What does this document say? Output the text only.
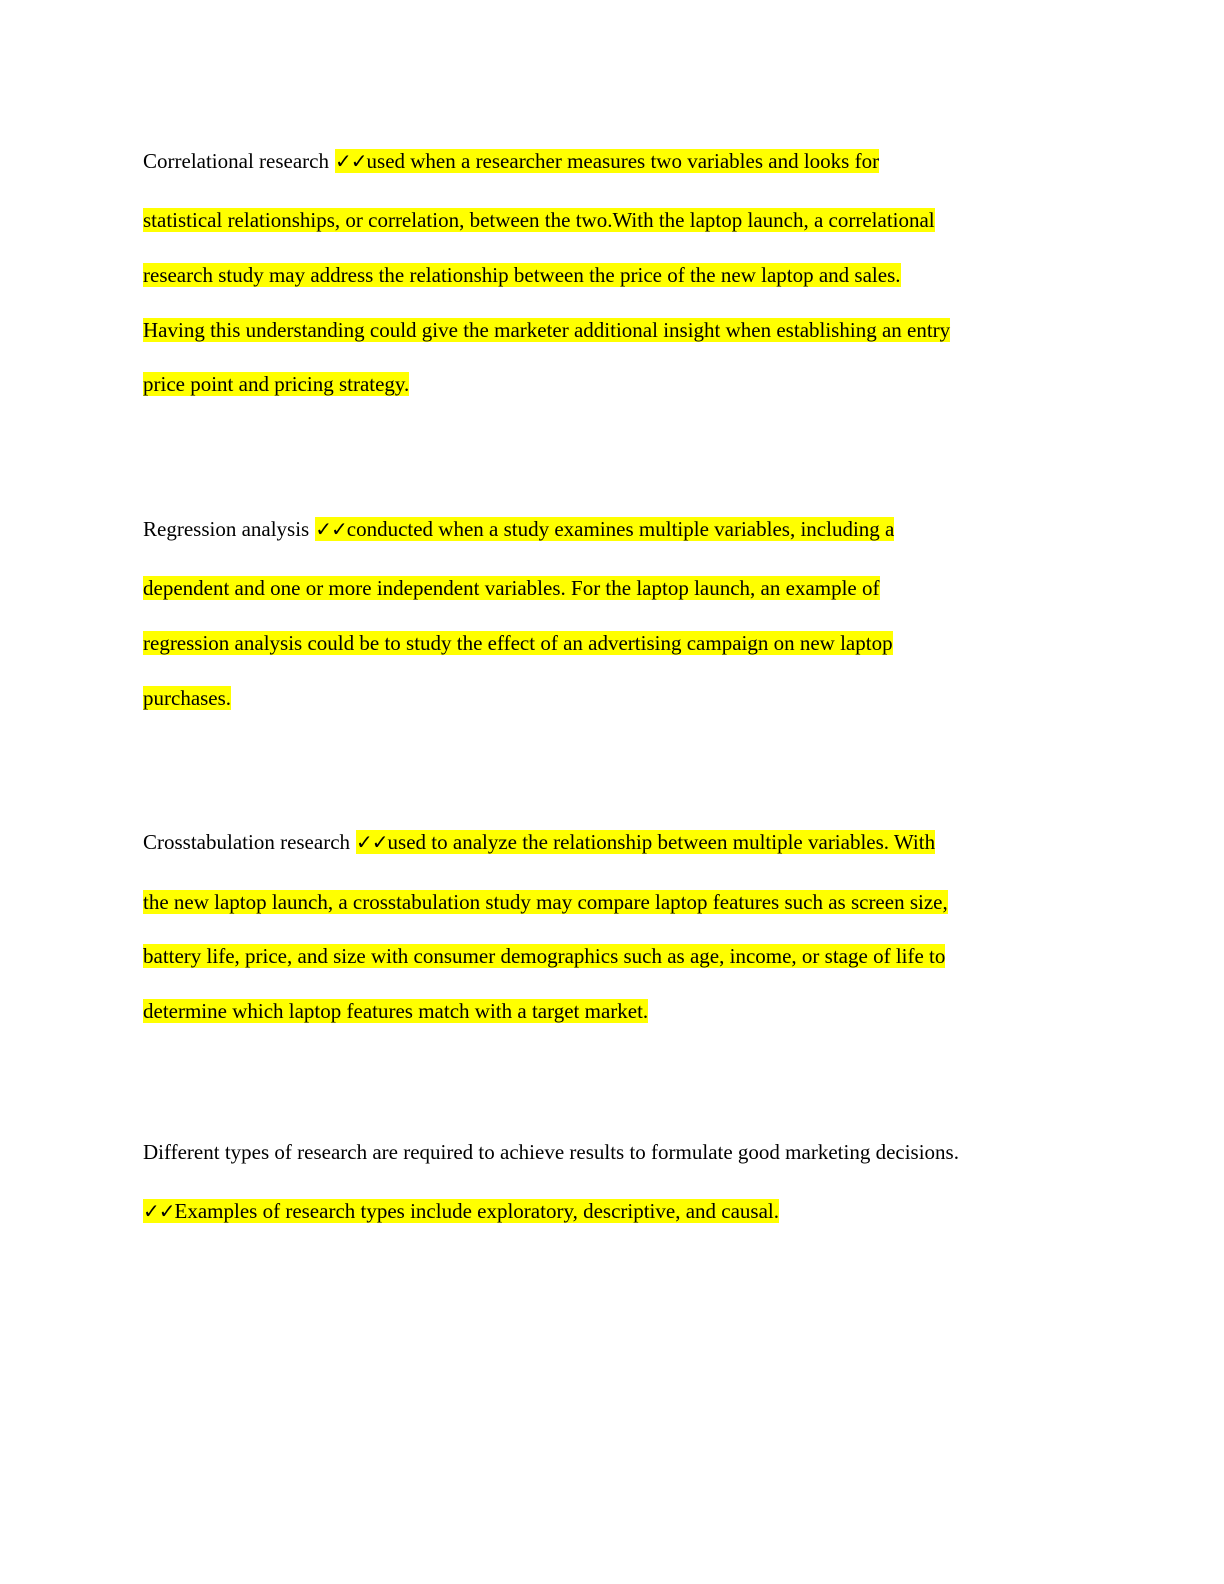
Correlational research ✓✓used when a researcher measures two variables and looks for
statistical relationships, or correlation, between the two.With the laptop launch, a correlational
research study may address the relationship between the price of the new laptop and sales.
Having this understanding could give the marketer additional insight when establishing an entry
price point and pricing strategy.
Regression analysis ✓✓conducted when a study examines multiple variables, including a
dependent and one or more independent variables. For the laptop launch, an example of
regression analysis could be to study the effect of an advertising campaign on new laptop
purchases.
Crosstabulation research ✓✓used to analyze the relationship between multiple variables. With
the new laptop launch, a crosstabulation study may compare laptop features such as screen size,
battery life, price, and size with consumer demographics such as age, income, or stage of life to
determine which laptop features match with a target market.
Different types of research are required to achieve results to formulate good marketing decisions.
✓✓Examples of research types include exploratory, descriptive, and causal.
